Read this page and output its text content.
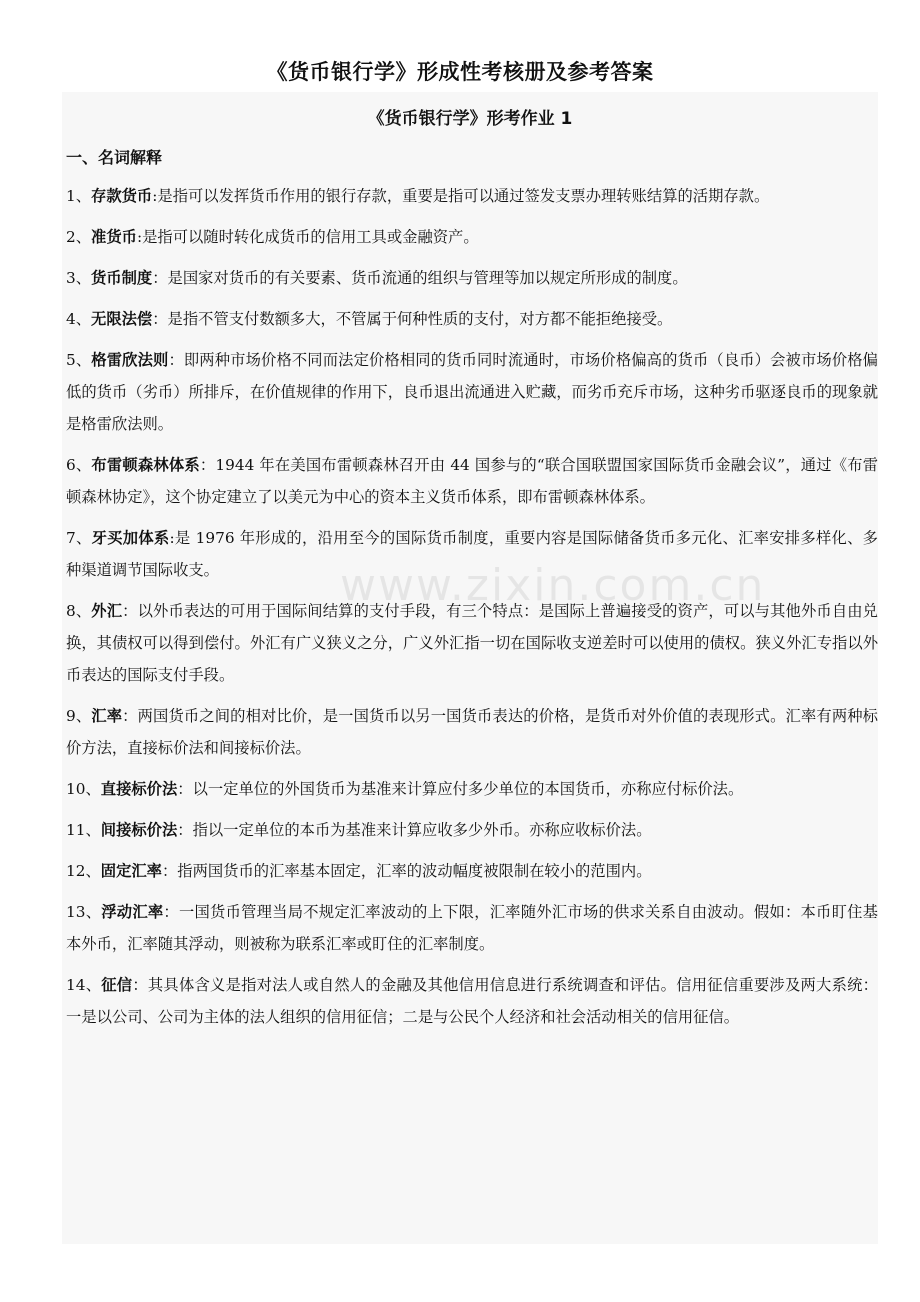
《货币银行学》形成性考核册及参考答案
《货币银行学》形考作业 1
一、名词解释
1、存款货币:是指可以发挥货币作用的银行存款，重要是指可以通过签发支票办理转账结算的活期存款。
2、准货币:是指可以随时转化成货币的信用工具或金融资产。
3、货币制度：是国家对货币的有关要素、货币流通的组织与管理等加以规定所形成的制度。
4、无限法偿：是指不管支付数额多大，不管属于何种性质的支付，对方都不能拒绝接受。
5、格雷欣法则：即两种市场价格不同而法定价格相同的货币同时流通时，市场价格偏高的货币（良币）会被市场价格偏低的货币（劣币）所排斥，在价值规律的作用下，良币退出流通进入贮藏，而劣币充斥市场，这种劣币驱逐良币的现象就是格雷欣法则。
6、布雷顿森林体系：1944 年在美国布雷顿森林召开由 44 国参与的“联合国联盟国家国际货币金融会议”，通过《布雷顿森林协定》，这个协定建立了以美元为中心的资本主义货币体系，即布雷顿森林体系。
7、牙买加体系:是 1976 年形成的，沿用至今的国际货币制度，重要内容是国际储备货币多元化、汇率安排多样化、多种渠道调节国际收支。
8、外汇：以外币表达的可用于国际间结算的支付手段，有三个特点：是国际上普遍接受的资产，可以与其他外币自由兑换，其债权可以得到偿付。外汇有广义狭义之分，广义外汇指一切在国际收支逆差时可以使用的债权。狭义外汇专指以外币表达的国际支付手段。
9、汇率：两国货币之间的相对比价，是一国货币以另一国货币表达的价格，是货币对外价值的表现形式。汇率有两种标价方法，直接标价法和间接标价法。
10、直接标价法：以一定单位的外国货币为基准来计算应付多少单位的本国货币，亦称应付标价法。
11、间接标价法：指以一定单位的本币为基准来计算应收多少外币。亦称应收标价法。
12、固定汇率：指两国货币的汇率基本固定，汇率的波动幅度被限制在较小的范围内。
13、浮动汇率：一国货币管理当局不规定汇率波动的上下限，汇率随外汇市场的供求关系自由波动。假如：本币盯住基本外币，汇率随其浮动，则被称为联系汇率或盯住的汇率制度。
14、征信：其具体含义是指对法人或自然人的金融及其他信用信息进行系统调查和评估。信用征信重要涉及两大系统：一是以公司、公司为主体的法人组织的信用征信；二是与公民个人经济和社会活动相关的信用征信。
